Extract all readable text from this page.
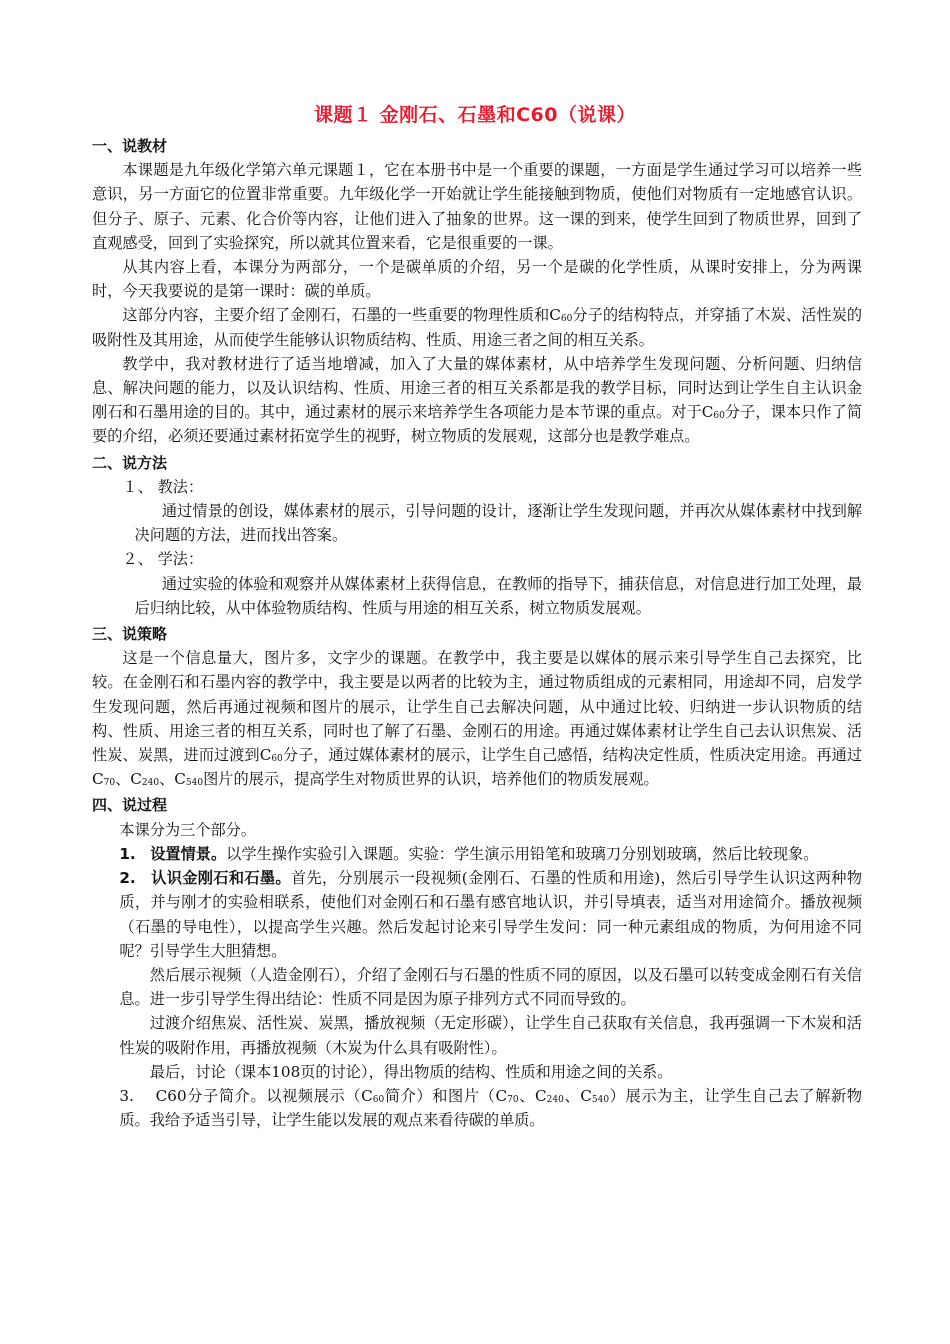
课题１ 金刚石、石墨和C60（说课）
一、说教材

本课题是九年级化学第六单元课题１，它在本册书中是一个重要的课题，一方面是学生通过学习可以培养一些意识，另一方面它的位置非常重要。九年级化学一开始就让学生能接触到物质，使他们对物质有一定地感官认识。但分子、原子、元素、化合价等内容，让他们进入了抽象的世界。这一课的到来，使学生回到了物质世界，回到了直观感受，回到了实验探究，所以就其位置来看，它是很重要的一课。

从其内容上看，本课分为两部分，一个是碳单质的介绍，另一个是碳的化学性质，从课时安排上，分为两课时，今天我要说的是第一课时：碳的单质。

这部分内容，主要介绍了金刚石，石墨的一些重要的物理性质和$C_{60}$分子的结构特点，并穿插了木炭、活性炭的吸附性及其用途，从而使学生能够认识物质结构、性质、用途三者之间的相互关系。

教学中，我对教材进行了适当地增减，加入了大量的媒体素材，从中培养学生发现问题、分析问题、归纳信息、解决问题的能力，以及认识结构、性质、用途三者的相互关系都是我的教学目标，同时达到让学生自主认识金刚石和石墨用途的目的。其中，通过素材的展示来培养学生各项能力是本节课的重点。对于$C_{60}$分子，课本只作了简要的介绍，必须还要通过素材拓宽学生的视野，树立物质的发展观，这部分也是教学难点。

二、说方法

１、 教法：

通过情景的创设，媒体素材的展示，引导问题的设计，逐渐让学生发现问题，并再次从媒体素材中找到解决问题的方法，进而找出答案。

２、 学法：

通过实验的体验和观察并从媒体素材上获得信息，在教师的指导下，捕获信息，对信息进行加工处理，最后归纳比较，从中体验物质结构、性质与用途的相互关系，树立物质发展观。

三、说策略

这是一个信息量大，图片多，文字少的课题。在教学中，我主要是以媒体的展示来引导学生自己去探究，比较。在金刚石和石墨内容的教学中，我主要是以两者的比较为主，通过物质组成的元素相同，用途却不同，启发学生发现问题，然后再通过视频和图片的展示，让学生自己去解决问题，从中通过比较、归纳进一步认识物质的结构、性质、用途三者的相互关系，同时也了解了石墨、金刚石的用途。再通过媒体素材让学生自己去认识焦炭、活性炭、炭黑，进而过渡到$C_{60}$分子，通过媒体素材的展示，让学生自己感悟，结构决定性质，性质决定用途。再通过$C_{70}$、$C_{240}$、$C_{540}$图片的展示，提高学生对物质世界的认识，培养他们的物质发展观。

四、说过程

本课分为三个部分。

1. 设置情景。以学生操作实验引入课题。实验：学生演示用铅笔和玻璃刀分别划玻璃，然后比较现象。

2. 认识金刚石和石墨。首先，分别展示一段视频(金刚石、石墨的性质和用途)，然后引导学生认识这两种物质，并与刚才的实验相联系，使他们对金刚石和石墨有感官地认识，并引导填表，适当对用途简介。播放视频（石墨的导电性），以提高学生兴趣。然后发起讨论来引导学生发问：同一种元素组成的物质，为何用途不同呢？引导学生大胆猜想。

然后展示视频（人造金刚石），介绍了金刚石与石墨的性质不同的原因，以及石墨可以转变成金刚石有关信息。进一步引导学生得出结论：性质不同是因为原子排列方式不同而导致的。

过渡介绍焦炭、活性炭、炭黑，播放视频（无定形碳），让学生自己获取有关信息，我再强调一下木炭和活性炭的吸附作用，再播放视频（木炭为什么具有吸附性）。

最后，讨论（课本108页的讨论），得出物质的结构、性质和用途之间的关系。

3. C60分子简介。以视频展示（$C_{60}$简介）和图片（$C_{70}$、$C_{240}$、$C_{540}$）展示为主，让学生自己去了解新物质。我给予适当引导，让学生能以发展的观点来看待碳的单质。
